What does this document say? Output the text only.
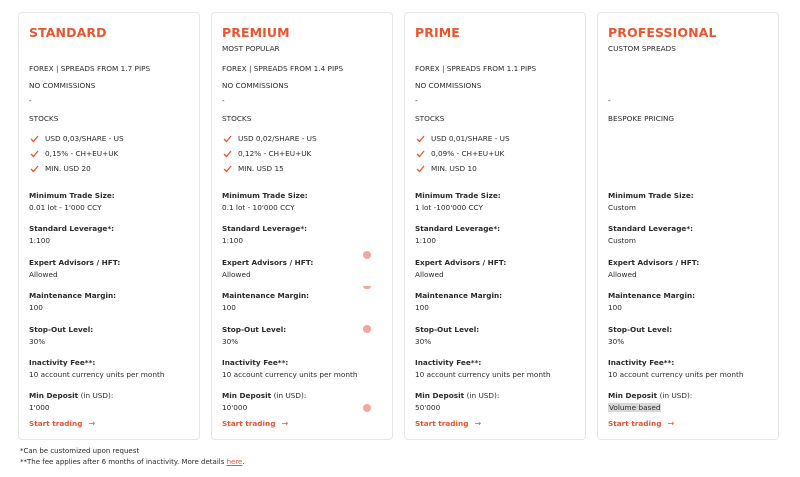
STANDARD
FOREX | SPREADS FROM 1.7 PIPS
NO COMMISSIONS
-
STOCKS
USD 0,03/SHARE - US
0,15% - CH+EU+UK
MIN. USD 20
Minimum Trade Size:
0.01 lot - 1'000 CCY
Standard Leverage*:
1:100
Expert Advisors / HFT:
Allowed
Maintenance Margin:
100
Stop-Out Level:
30%
Inactivity Fee**:
10 account currency units per month
Min Deposit (in USD):
1'000
Start trading →
PREMIUM
MOST POPULAR
FOREX | SPREADS FROM 1.4 PIPS
NO COMMISSIONS
-
STOCKS
USD 0,02/SHARE - US
0,12% - CH+EU+UK
MIN. USD 15
Minimum Trade Size:
0.1 lot - 10'000 CCY
Standard Leverage*:
1:100
Expert Advisors / HFT:
Allowed
Maintenance Margin:
100
Stop-Out Level:
30%
Inactivity Fee**:
10 account currency units per month
Min Deposit (in USD):
10'000
Start trading →
PRIME
FOREX | SPREADS FROM 1.1 PIPS
NO COMMISSIONS
-
STOCKS
USD 0,01/SHARE - US
0,09% - CH+EU+UK
MIN. USD 10
Minimum Trade Size:
1 lot -100'000 CCY
Standard Leverage*:
1:100
Expert Advisors / HFT:
Allowed
Maintenance Margin:
100
Stop-Out Level:
30%
Inactivity Fee**:
10 account currency units per month
Min Deposit (in USD):
50'000
Start trading →
PROFESSIONAL
CUSTOM SPREADS
-
BESPOKE PRICING
Minimum Trade Size:
Custom
Standard Leverage*:
Custom
Expert Advisors / HFT:
Allowed
Maintenance Margin:
100
Stop-Out Level:
30%
Inactivity Fee**:
10 account currency units per month
Min Deposit (in USD):
Volume based
Start trading →
*Can be customized upon request
**The fee applies after 6 months of inactivity. More details here.
